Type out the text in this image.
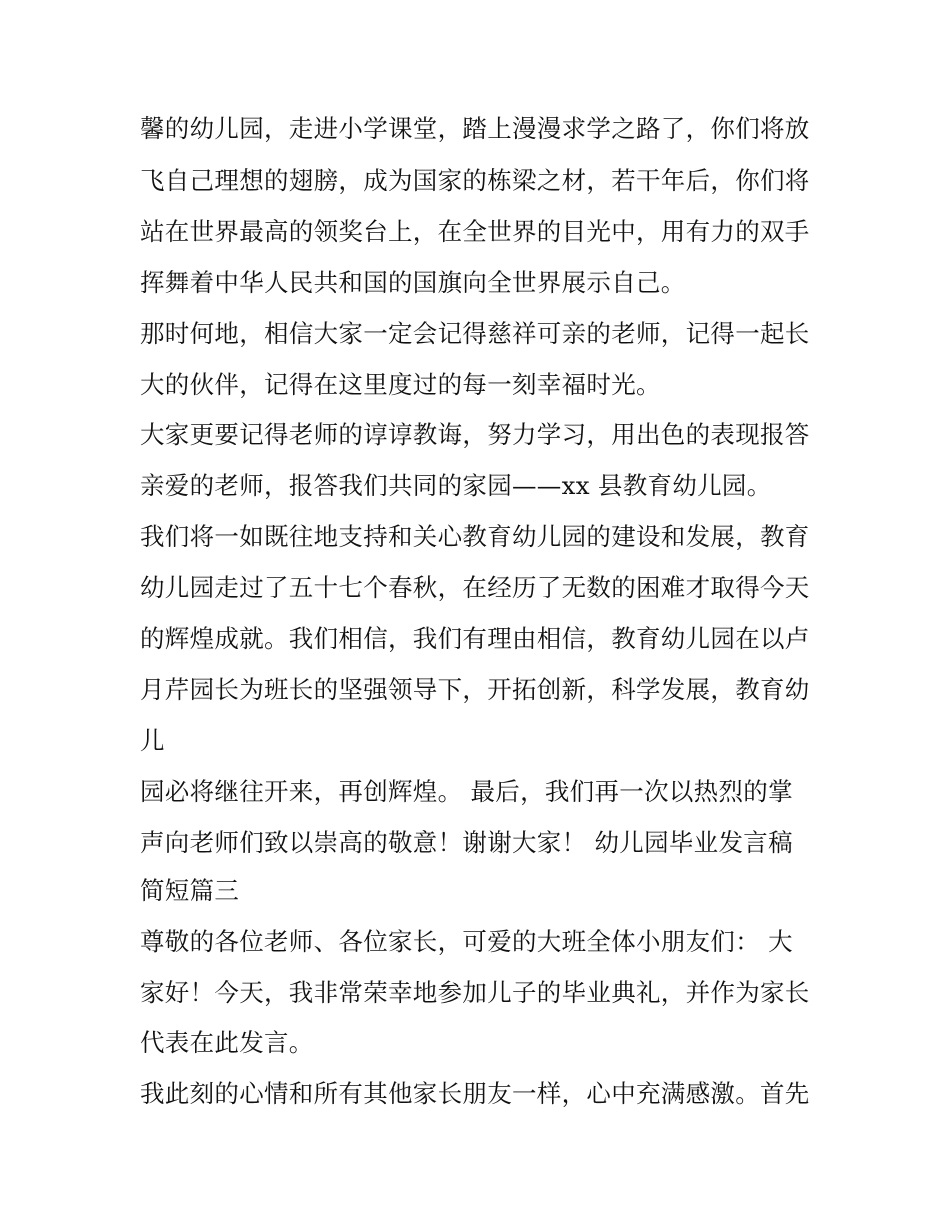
馨的幼儿园，走进小学课堂，踏上漫漫求学之路了，你们将放
飞自己理想的翅膀，成为国家的栋梁之材，若干年后，你们将
站在世界最高的领奖台上，在全世界的目光中，用有力的双手
挥舞着中华人民共和国的国旗向全世界展示自己。
那时何地，相信大家一定会记得慈祥可亲的老师，记得一起长
大的伙伴，记得在这里度过的每一刻幸福时光。
大家更要记得老师的谆谆教诲，努力学习，用出色的表现报答
亲爱的老师，报答我们共同的家园——xx 县教育幼儿园。
我们将一如既往地支持和关心教育幼儿园的建设和发展，教育
幼儿园走过了五十七个春秋，在经历了无数的困难才取得今天
的辉煌成就。我们相信，我们有理由相信，教育幼儿园在以卢
月芹园长为班长的坚强领导下，开拓创新，科学发展，教育幼
儿
园必将继往开来，再创辉煌。 最后，我们再一次以热烈的掌
声向老师们致以崇高的敬意！谢谢大家！ 幼儿园毕业发言稿
简短篇三
尊敬的各位老师、各位家长，可爱的大班全体小朋友们： 大
家好！今天，我非常荣幸地参加儿子的毕业典礼，并作为家长
代表在此发言。
我此刻的心情和所有其他家长朋友一样，心中充满感激。首先
